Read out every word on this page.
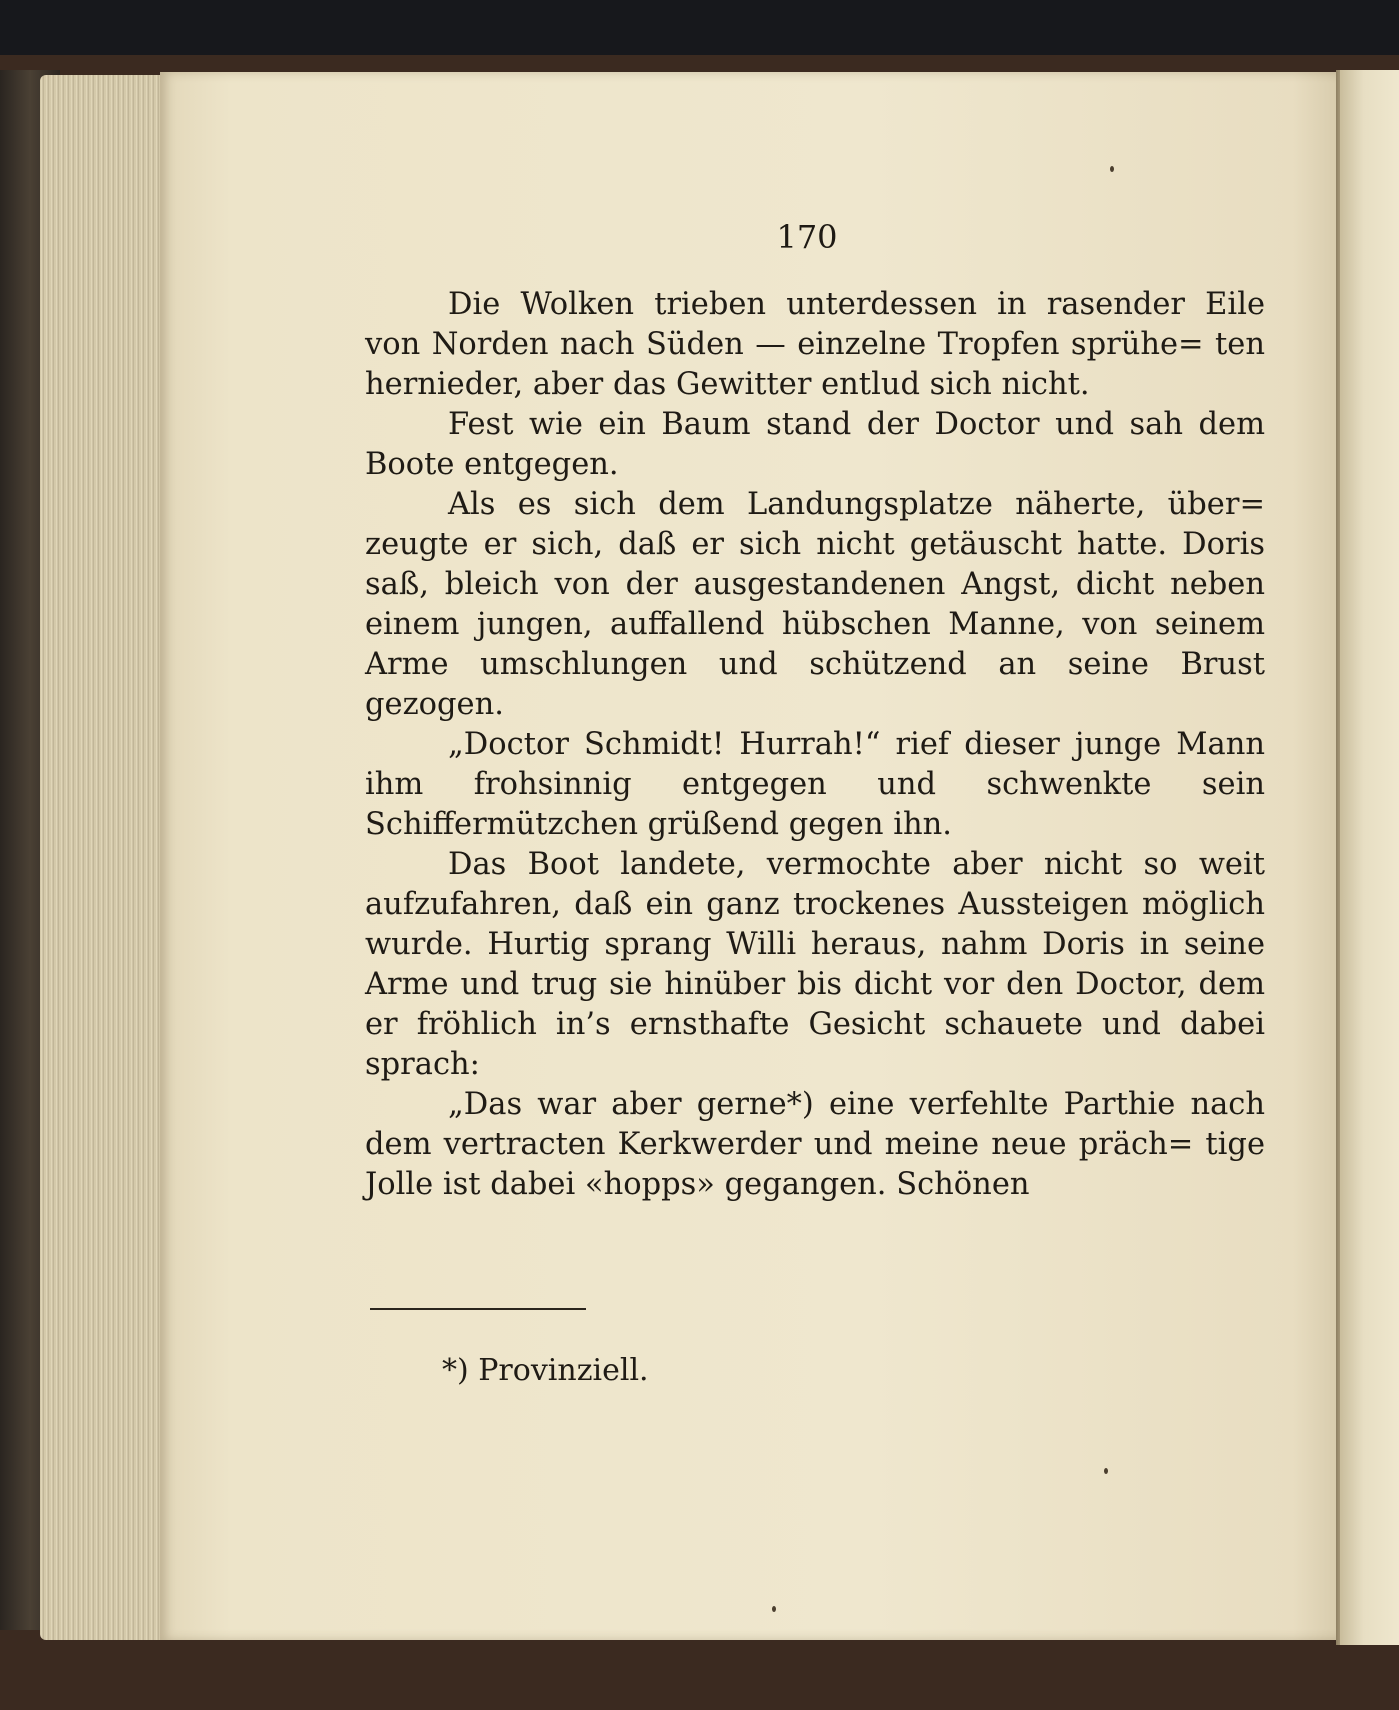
170

Die Wolken trieben unterdessen in rasender Eile von Norden nach Süden — einzelne Tropfen sprühe= ten hernieder, aber das Gewitter entlud sich nicht.

Fest wie ein Baum stand der Doctor und sah dem Boote entgegen.

Als es sich dem Landungsplatze näherte, über= zeugte er sich, daß er sich nicht getäuscht hatte. Doris saß, bleich von der ausgestandenen Angst, dicht neben einem jungen, auffallend hübschen Manne, von seinem Arme umschlungen und schützend an seine Brust gezogen.

„Doctor Schmidt! Hurrah!“ rief dieser junge Mann ihm frohsinnig entgegen und schwenkte sein Schiffermützchen grüßend gegen ihn.

Das Boot landete, vermochte aber nicht so weit aufzufahren, daß ein ganz trockenes Aussteigen möglich wurde. Hurtig sprang Willi heraus, nahm Doris in seine Arme und trug sie hinüber bis dicht vor den Doctor, dem er fröhlich in’s ernsthafte Gesicht schauete und dabei sprach:

„Das war aber gerne*) eine verfehlte Parthie nach dem vertracten Kerkwerder und meine neue präch= tige Jolle ist dabei «hopps» gegangen. Schönen

*) Provinziell.
